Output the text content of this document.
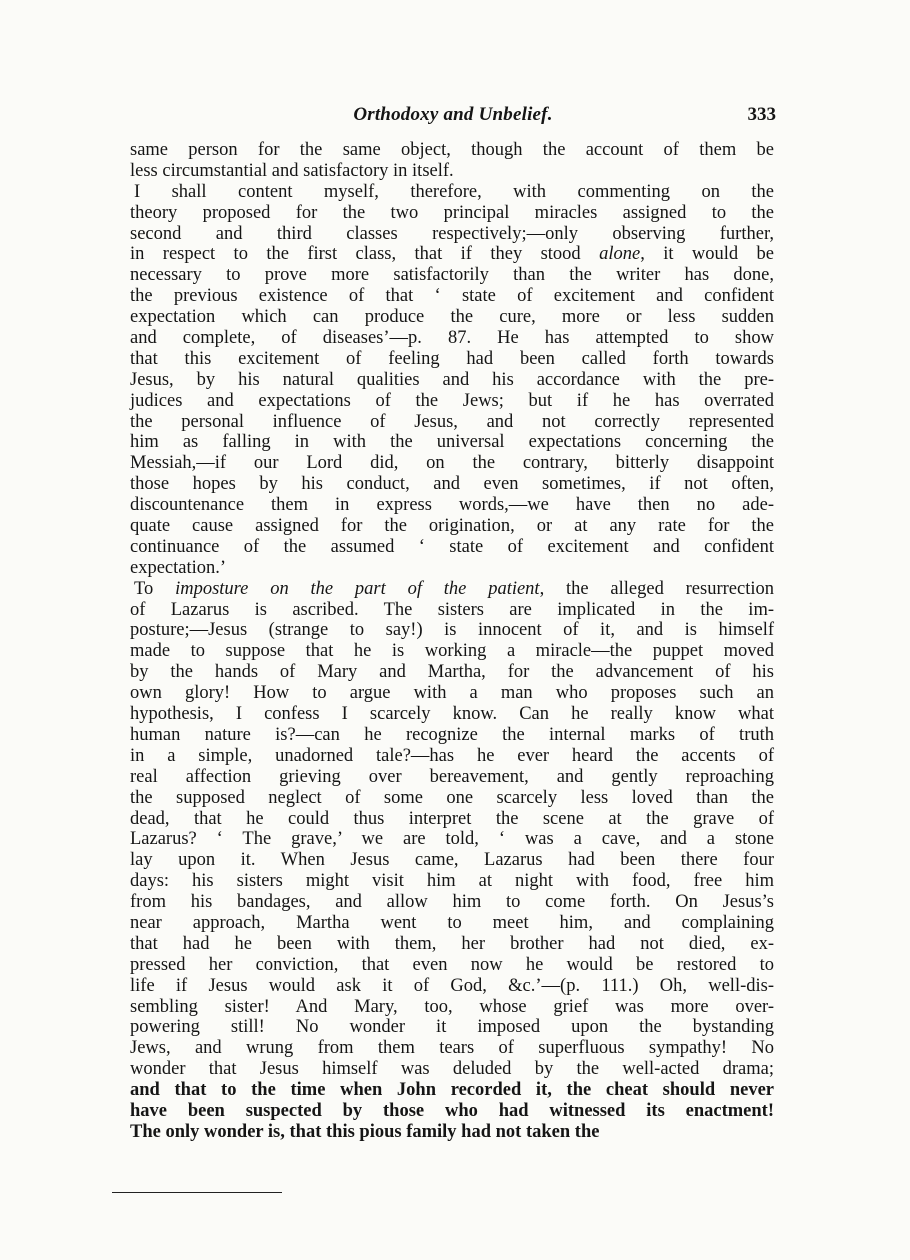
Orthodoxy and Unbelief.	333
same person for the same object, though the account of them be
less circumstantial and satisfactory in itself.
I shall content myself, therefore, with commenting on the
theory proposed for the two principal miracles assigned to the
second and third classes respectively;—only observing further,
in respect to the first class, that if they stood alone, it would be
necessary to prove more satisfactorily than the writer has done,
the previous existence of that ‘ state of excitement and confident
expectation which can produce the cure, more or less sudden
and complete, of diseases’—p. 87. He has attempted to show
that this excitement of feeling had been called forth towards
Jesus, by his natural qualities and his accordance with the pre-
judices and expectations of the Jews; but if he has overrated
the personal influence of Jesus, and not correctly represented
him as falling in with the universal expectations concerning the
Messiah,—if our Lord did, on the contrary, bitterly disappoint
those hopes by his conduct, and even sometimes, if not often,
discountenance them in express words,—we have then no ade-
quate cause assigned for the origination, or at any rate for the
continuance of the assumed ‘ state of excitement and confident
expectation.’
To imposture on the part of the patient, the alleged resurrection
of Lazarus is ascribed. The sisters are implicated in the im-
posture;—Jesus (strange to say!) is innocent of it, and is himself
made to suppose that he is working a miracle—the puppet moved
by the hands of Mary and Martha, for the advancement of his
own glory! How to argue with a man who proposes such an
hypothesis, I confess I scarcely know. Can he really know what
human nature is?—can he recognize the internal marks of truth
in a simple, unadorned tale?—has he ever heard the accents of
real affection grieving over bereavement, and gently reproaching
the supposed neglect of some one scarcely less loved than the
dead, that he could thus interpret the scene at the grave of
Lazarus? ‘ The grave,’ we are told, ‘ was a cave, and a stone
lay upon it. When Jesus came, Lazarus had been there four
days: his sisters might visit him at night with food, free him
from his bandages, and allow him to come forth. On Jesus’s
near approach, Martha went to meet him, and complaining
that had he been with them, her brother had not died, ex-
pressed her conviction, that even now he would be restored to
life if Jesus would ask it of God, &c.’—(p. 111.) Oh, well-dis-
sembling sister! And Mary, too, whose grief was more over-
powering still! No wonder it imposed upon the bystanding
Jews, and wrung from them tears of superfluous sympathy! No
wonder that Jesus himself was deluded by the well-acted drama;
and that to the time when John recorded it, the cheat should never
have been suspected by those who had witnessed its enactment!
The only wonder is, that this pious family had not taken the
